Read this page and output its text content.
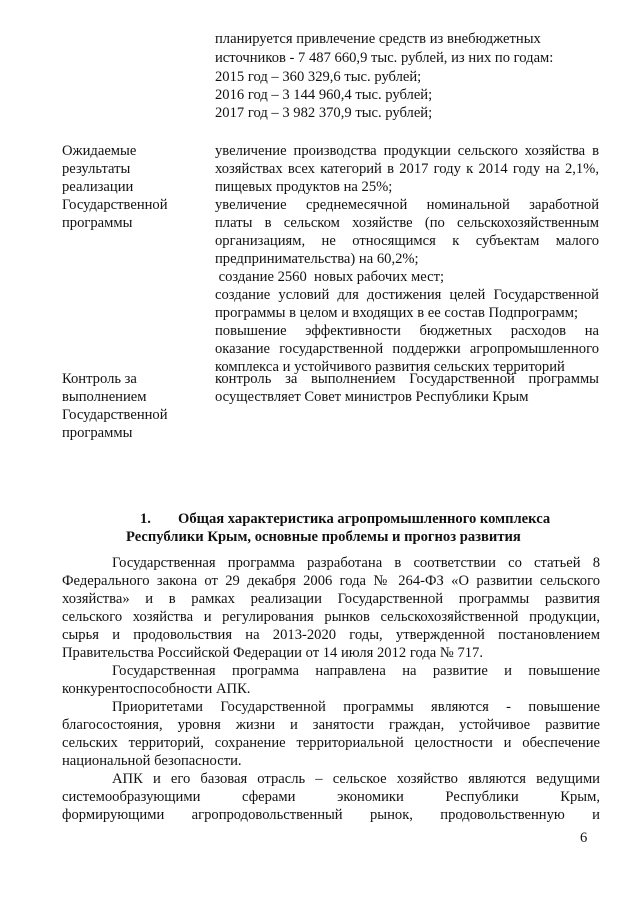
планируется привлечение средств из внебюджетных
источников - 7 487 660,9 тыс. рублей, из них по годам:
2015 год – 360 329,6 тыс. рублей;
2016 год – 3 144 960,4 тыс. рублей;
2017 год – 3 982 370,9 тыс. рублей;
Ожидаемые
результаты
реализации
Государственной
программы
увеличение производства продукции сельского хозяйства в
хозяйствах всех категорий в 2017 году к 2014 году на 2,1%,
пищевых продуктов на 25%;
увеличение среднемесячной номинальной заработной
платы в сельском хозяйстве (по сельскохозяйственным
организациям, не относящимся к субъектам малого
предпринимательства) на 60,2%;
создание 2560  новых рабочих мест;
создание условий для достижения целей Государственной
программы в целом и входящих в ее состав Подпрограмм;
повышение эффективности бюджетных расходов на
оказание государственной поддержки агропромышленного
комплекса и устойчивого развития сельских территорий
Контроль за
выполнением
Государственной
программы
контроль за выполнением Государственной программы
осуществляет Совет министров Республики Крым
1. Общая характеристика агропромышленного комплекса
Республики Крым, основные проблемы и прогноз развития
Государственная программа разработана в соответствии со статьей 8
Федерального закона от 29 декабря 2006 года № 264-ФЗ «О развитии сельского
хозяйства» и в рамках реализации Государственной программы развития
сельского хозяйства и регулирования рынков сельскохозяйственной продукции,
сырья и продовольствия на 2013-2020 годы, утвержденной постановлением
Правительства Российской Федерации от 14 июля 2012 года № 717.
Государственная программа направлена на развитие и повышение
конкурентоспособности АПК.
Приоритетами Государственной программы являются - повышение
благосостояния, уровня жизни и занятости граждан, устойчивое развитие
сельских территорий, сохранение территориальной целостности и обеспечение
национальной безопасности.
АПК и его базовая отрасль – сельское хозяйство являются ведущими
системообразующими сферами экономики Республики Крым,
формирующими агропродовольственный рынок, продовольственную и
6
